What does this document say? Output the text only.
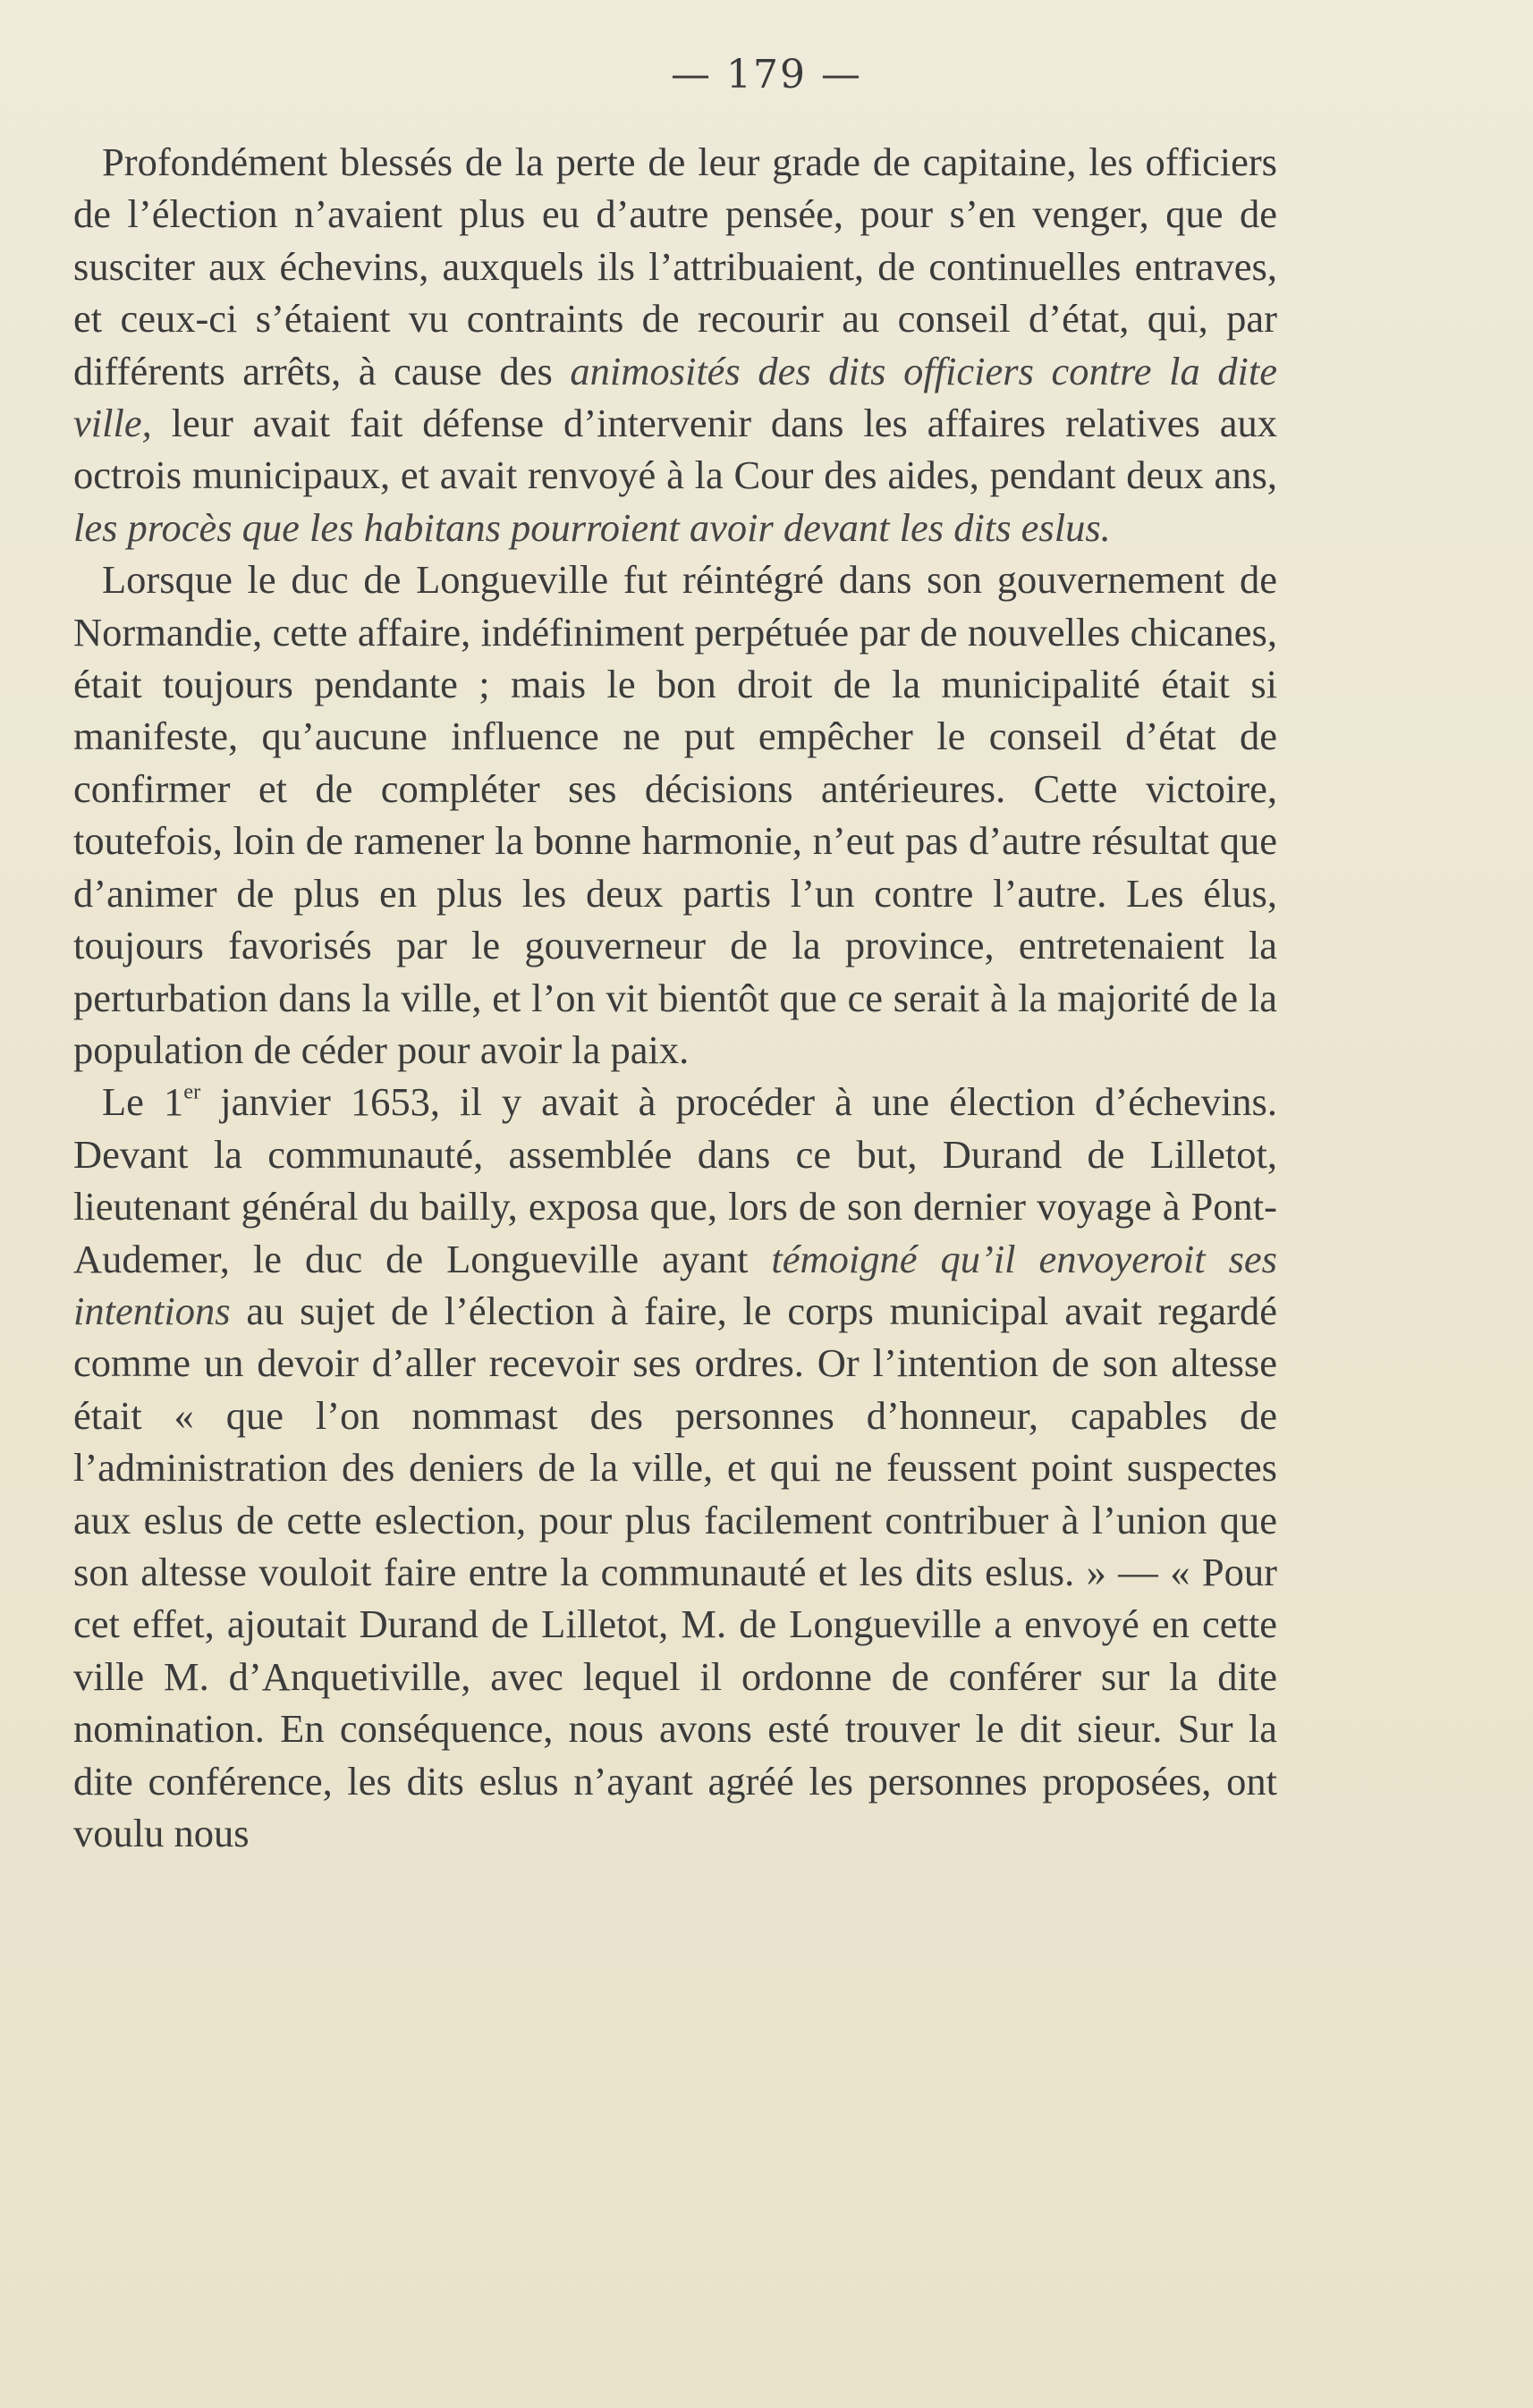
— 179 —

Profondément blessés de la perte de leur grade de capitaine, les officiers de l’élection n’avaient plus eu d’autre pensée, pour s’en venger, que de susciter aux échevins, auxquels ils l’attribuaient, de continuelles entraves, et ceux-ci s’étaient vu contraints de recourir au conseil d’état, qui, par différents arrêts, à cause des animosités des dits officiers contre la dite ville, leur avait fait défense d’intervenir dans les affaires relatives aux octrois municipaux, et avait renvoyé à la Cour des aides, pendant deux ans, les procès que les habitans pourroient avoir devant les dits eslus.

Lorsque le duc de Longueville fut réintégré dans son gouvernement de Normandie, cette affaire, indéfiniment perpétuée par de nouvelles chicanes, était toujours pendante ; mais le bon droit de la municipalité était si manifeste, qu’aucune influence ne put empêcher le conseil d’état de confirmer et de compléter ses décisions antérieures. Cette victoire, toutefois, loin de ramener la bonne harmonie, n’eut pas d’autre résultat que d’animer de plus en plus les deux partis l’un contre l’autre. Les élus, toujours favorisés par le gouverneur de la province, entretenaient la perturbation dans la ville, et l’on vit bientôt que ce serait à la majorité de la population de céder pour avoir la paix.

Le 1er janvier 1653, il y avait à procéder à une élection d’échevins. Devant la communauté, assemblée dans ce but, Durand de Lilletot, lieutenant général du bailly, exposa que, lors de son dernier voyage à Pont-Audemer, le duc de Longueville ayant témoigné qu’il envoyeroit ses intentions au sujet de l’élection à faire, le corps municipal avait regardé comme un devoir d’aller recevoir ses ordres. Or l’intention de son altesse était « que l’on nommast des personnes d’honneur, capables de l’administration des deniers de la ville, et qui ne feussent point suspectes aux eslus de cette eslection, pour plus facilement contribuer à l’union que son altesse vouloit faire entre la communauté et les dits eslus. » — « Pour cet effet, ajoutait Durand de Lilletot, M. de Longueville a envoyé en cette ville M. d’Anquetiville, avec lequel il ordonne de conférer sur la dite nomination. En conséquence, nous avons esté trouver le dit sieur. Sur la dite conférence, les dits eslus n’ayant agréé les personnes proposées, ont voulu nous
